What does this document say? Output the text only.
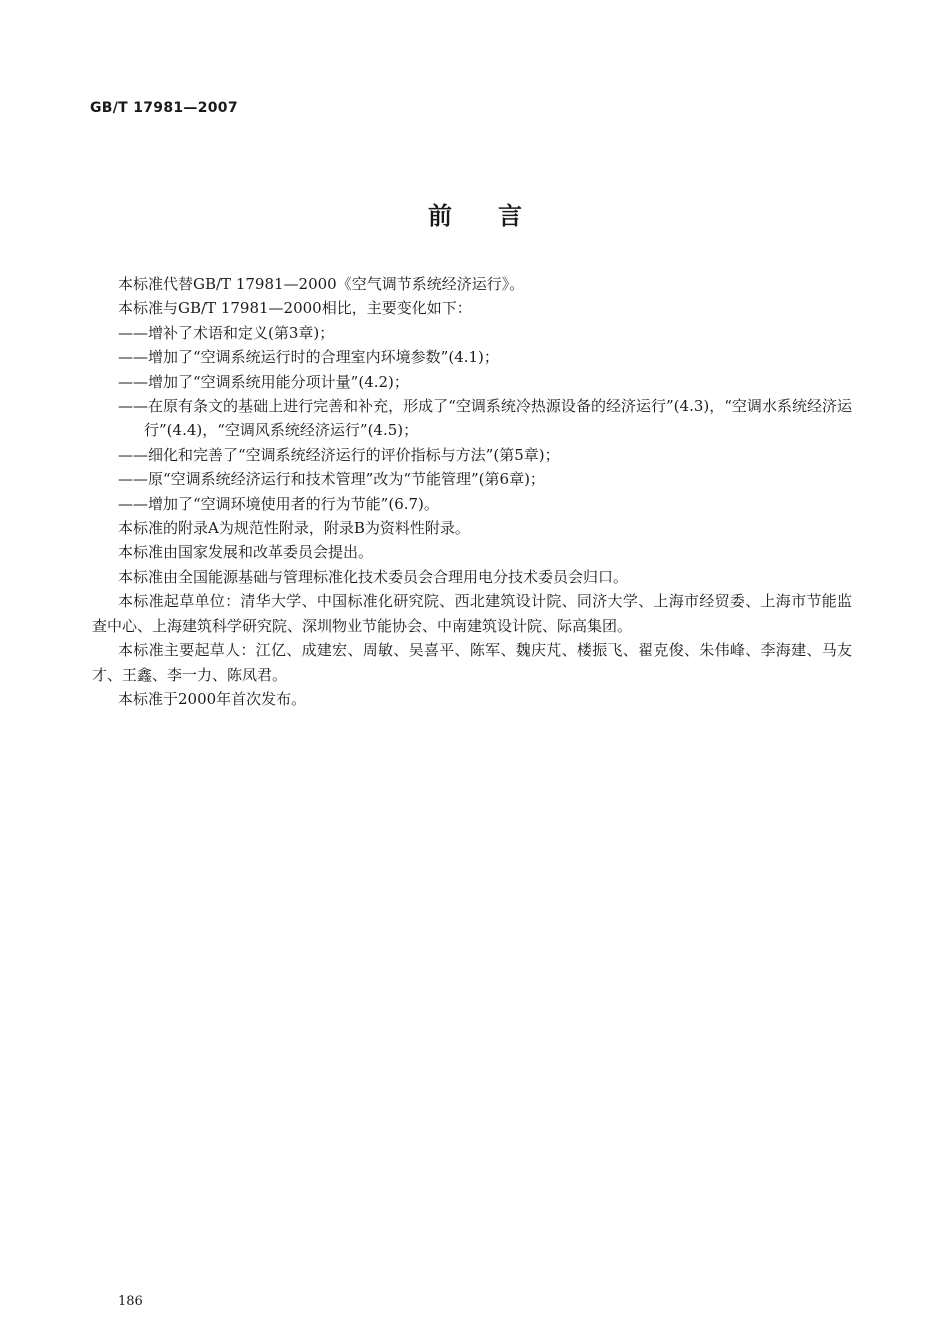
GB/T 17981—2007
前言

本标准代替GB/T 17981—2000《空气调节系统经济运行》。

本标准与GB/T 17981—2000相比，主要变化如下：

——增补了术语和定义(第3章)；

——增加了“空调系统运行时的合理室内环境参数”(4.1)；

——增加了“空调系统用能分项计量”(4.2)；

——在原有条文的基础上进行完善和补充，形成了“空调系统冷热源设备的经济运行”(4.3)，“空调水系统经济运行”(4.4)，“空调风系统经济运行”(4.5)；

——细化和完善了“空调系统经济运行的评价指标与方法”(第5章)；

——原“空调系统经济运行和技术管理”改为“节能管理”(第6章)；

——增加了“空调环境使用者的行为节能”(6.7)。

本标准的附录A为规范性附录，附录B为资料性附录。

本标准由国家发展和改革委员会提出。

本标准由全国能源基础与管理标准化技术委员会合理用电分技术委员会归口。

本标准起草单位：清华大学、中国标准化研究院、西北建筑设计院、同济大学、上海市经贸委、上海市节能监查中心、上海建筑科学研究院、深圳物业节能协会、中南建筑设计院、际高集团。

本标准主要起草人：江亿、成建宏、周敏、吴喜平、陈军、魏庆芃、楼振飞、翟克俊、朱伟峰、李海建、马友才、王鑫、李一力、陈凤君。

本标准于2000年首次发布。

186
